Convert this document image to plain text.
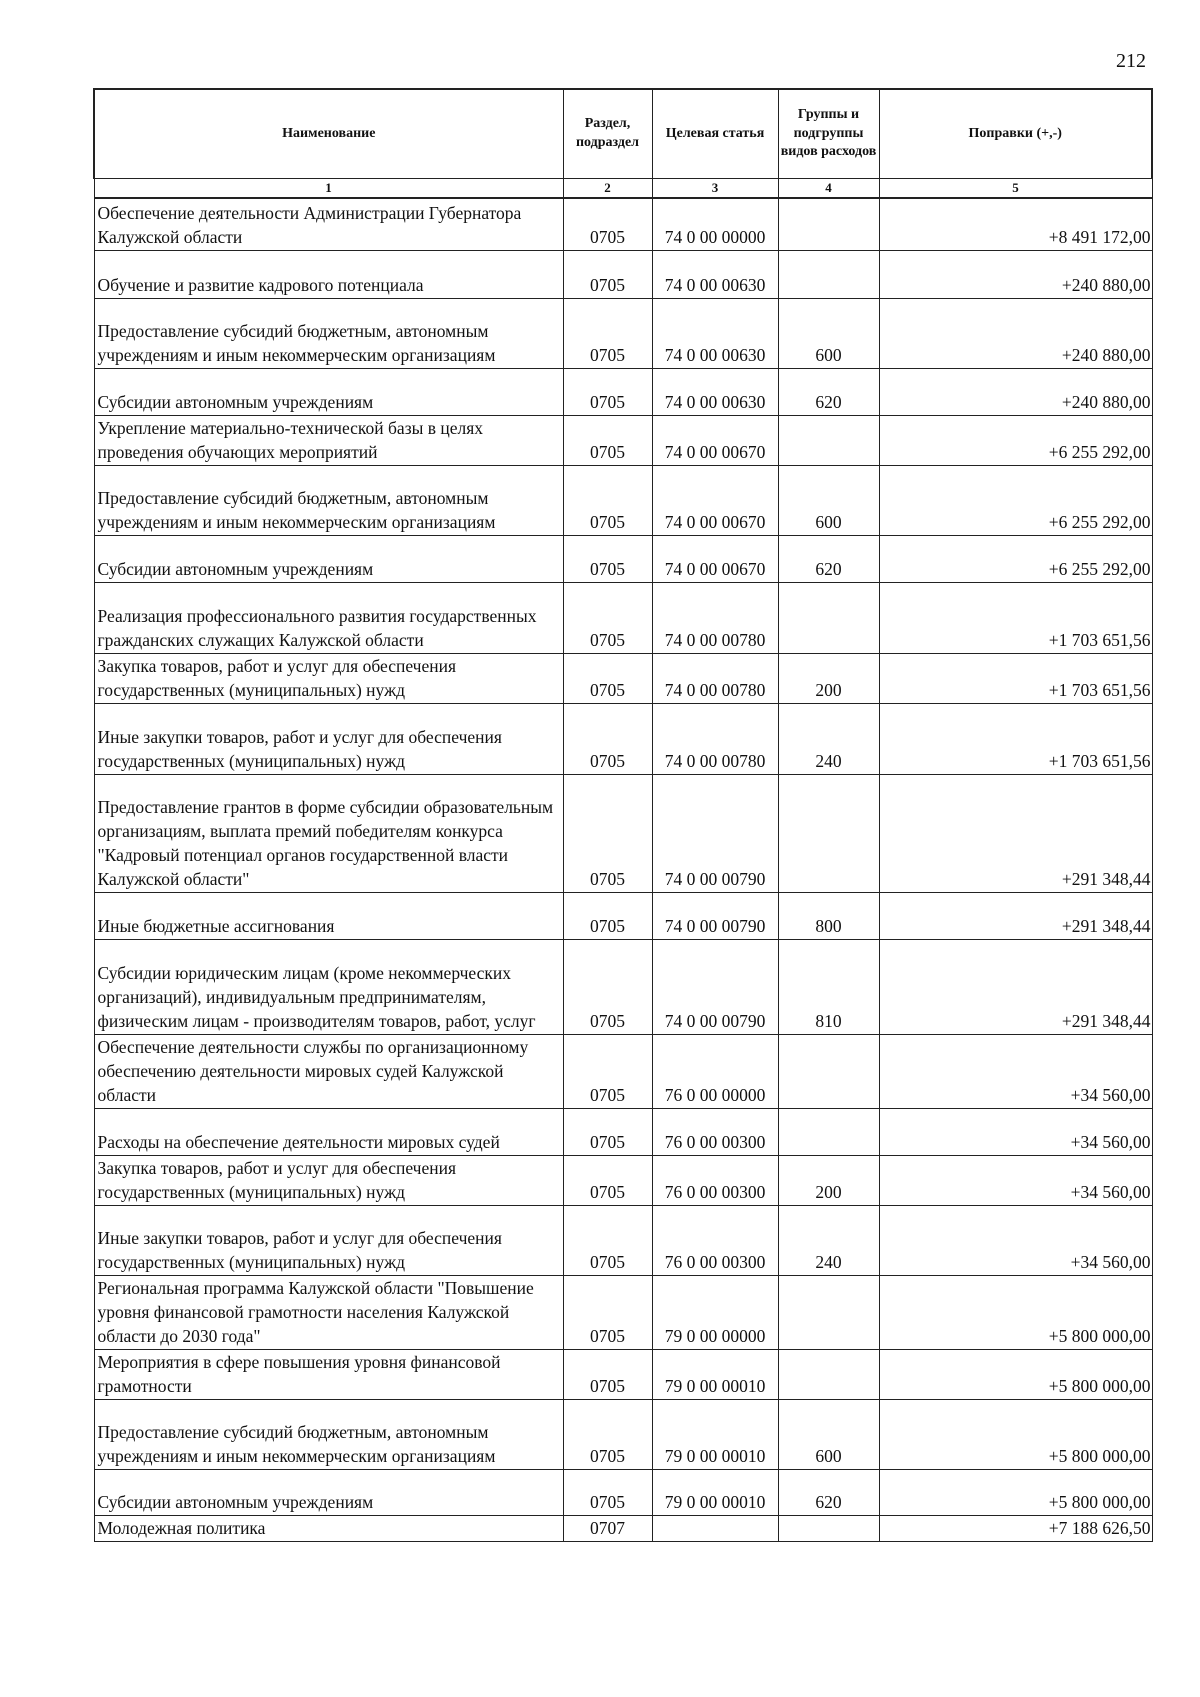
212
Наименование	Раздел, подраздел	Целевая статья	Группы и подгруппы видов расходов	Поправки (+,-)
1	2	3	4	5
Обеспечение деятельности Администрации Губернатора Калужской области	0705	74 0 00 00000		+8 491 172,00
Обучение и развитие кадрового потенциала	0705	74 0 00 00630		+240 880,00
Предоставление субсидий бюджетным, автономным учреждениям и иным некоммерческим организациям	0705	74 0 00 00630	600	+240 880,00
Субсидии автономным учреждениям	0705	74 0 00 00630	620	+240 880,00
Укрепление материально-технической базы в целях проведения обучающих мероприятий	0705	74 0 00 00670		+6 255 292,00
Предоставление субсидий бюджетным, автономным учреждениям и иным некоммерческим организациям	0705	74 0 00 00670	600	+6 255 292,00
Субсидии автономным учреждениям	0705	74 0 00 00670	620	+6 255 292,00
Реализация профессионального развития государственных гражданских служащих Калужской области	0705	74 0 00 00780		+1 703 651,56
Закупка товаров, работ и услуг для обеспечения государственных (муниципальных) нужд	0705	74 0 00 00780	200	+1 703 651,56
Иные закупки товаров, работ и услуг для обеспечения государственных (муниципальных) нужд	0705	74 0 00 00780	240	+1 703 651,56
Предоставление грантов в форме субсидии образовательным организациям, выплата премий победителям конкурса "Кадровый потенциал органов государственной власти Калужской области"	0705	74 0 00 00790		+291 348,44
Иные бюджетные ассигнования	0705	74 0 00 00790	800	+291 348,44
Субсидии юридическим лицам (кроме некоммерческих организаций), индивидуальным предпринимателям, физическим лицам - производителям товаров, работ, услуг	0705	74 0 00 00790	810	+291 348,44
Обеспечение деятельности службы по организационному обеспечению деятельности мировых судей Калужской области	0705	76 0 00 00000		+34 560,00
Расходы на обеспечение деятельности мировых судей	0705	76 0 00 00300		+34 560,00
Закупка товаров, работ и услуг для обеспечения государственных (муниципальных) нужд	0705	76 0 00 00300	200	+34 560,00
Иные закупки товаров, работ и услуг для обеспечения государственных (муниципальных) нужд	0705	76 0 00 00300	240	+34 560,00
Региональная программа Калужской области "Повышение уровня финансовой грамотности населения Калужской области до 2030 года"	0705	79 0 00 00000		+5 800 000,00
Мероприятия в сфере повышения уровня финансовой грамотности	0705	79 0 00 00010		+5 800 000,00
Предоставление субсидий бюджетным, автономным учреждениям и иным некоммерческим организациям	0705	79 0 00 00010	600	+5 800 000,00
Субсидии автономным учреждениям	0705	79 0 00 00010	620	+5 800 000,00
Молодежная политика	0707			+7 188 626,50
